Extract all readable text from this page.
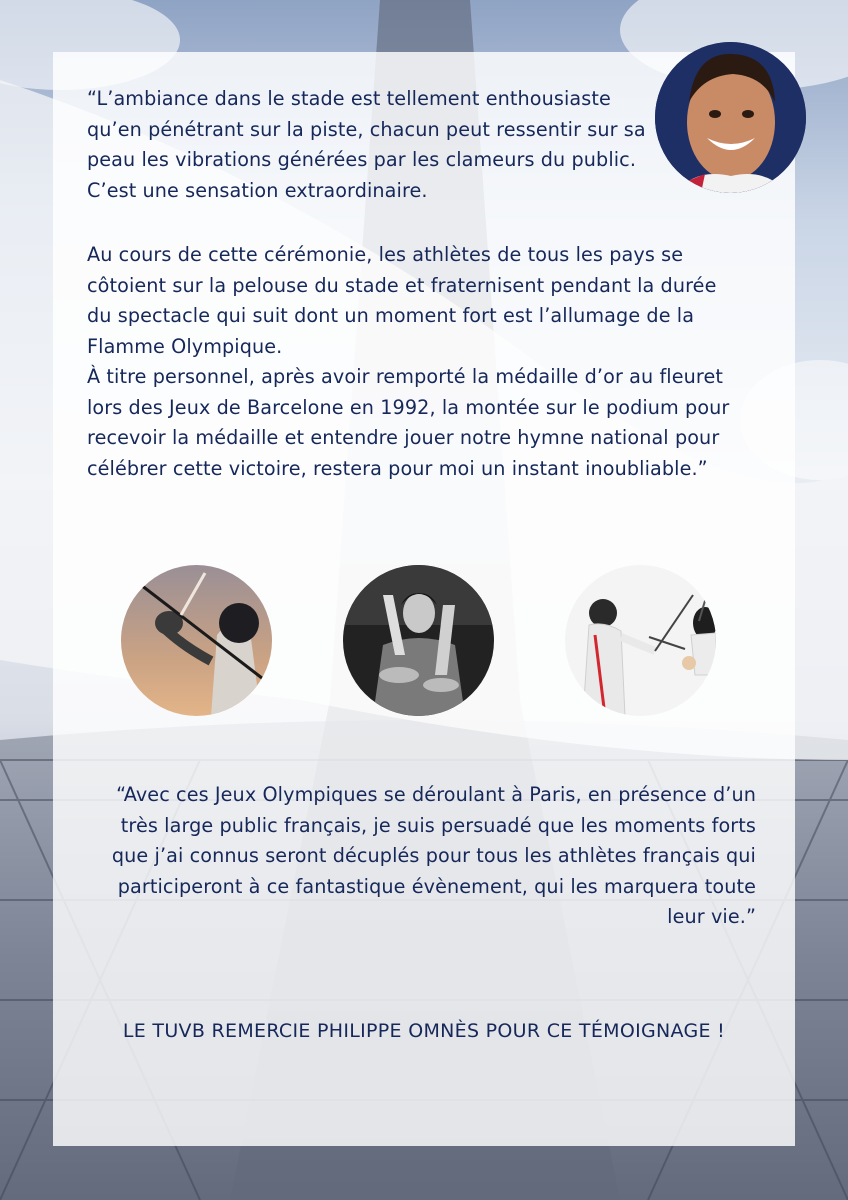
“L’ambiance dans le stade est tellement enthousiaste qu’en pénétrant sur la piste, chacun peut ressentir sur sa peau les vibrations générées par les clameurs du public. C’est une sensation extraordinaire.
Au cours de cette cérémonie, les athlètes de tous les pays se côtoient sur la pelouse du stade et fraternisent pendant la durée du spectacle qui suit dont un moment fort est l’allumage de la Flamme Olympique.
À titre personnel, après avoir remporté la médaille d’or au fleuret lors des Jeux de Barcelone en 1992, la montée sur le podium pour recevoir la médaille et entendre jouer notre hymne national pour célébrer cette victoire, restera pour moi un instant inoubliable.”
“Avec ces Jeux Olympiques se déroulant à Paris, en présence d’un très large public français, je suis persuadé que les moments forts que j’ai connus seront décuplés pour tous les athlètes français qui participeront à ce fantastique évènement, qui les marquera toute leur vie.”
LE TUVB REMERCIE PHILIPPE OMNÈS POUR CE TÉMOIGNAGE !
